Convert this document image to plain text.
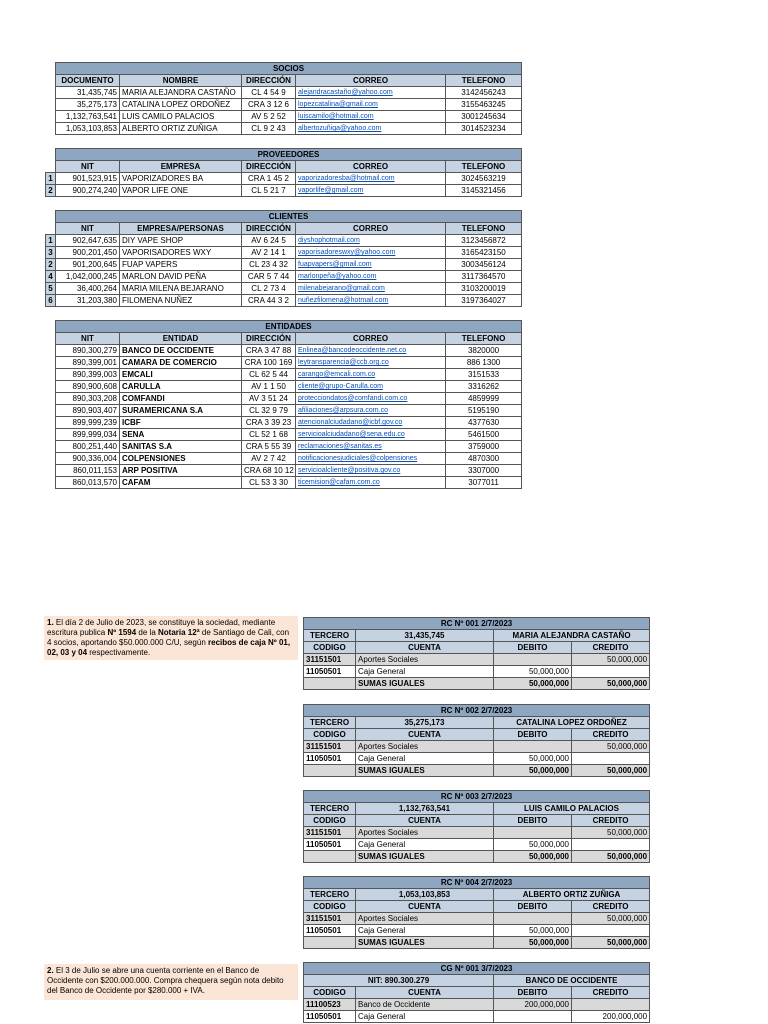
SOCIOS				
DOCUMENTO	NOMBRE	DIRECCIÓN	CORREO	TELEFONO
31,435,745	MARIA ALEJANDRA CASTAÑO	CL 4 54 9	alejandracastaño@yahoo.com	3142456243
35,275,173	CATALINA LOPEZ ORDOÑEZ	CRA 3 12 6	lopezcatalina@gmail.com	3155463245
1,132,763,541	LUIS CAMILO PALACIOS	AV 5 2 52	luiscamilo@hotmail.com	3001245634
1,053,103,853	ALBERTO ORTIZ ZUÑIGA	CL 9 2 43	albertozuñiga@yahoo.com	3014523234
	PROVEEDORES				
	NIT	EMPRESA	DIRECCIÓN	CORREO	TELEFONO
1	901,523,915	VAPORIZADORES BA	CRA 1 45 2	vaporizadoresba@hotmail.com	3024563219
2	900,274,240	VAPOR LIFE ONE	CL 5 21 7	vaporlife@gmail.com	3145321456
	CLIENTES				
	NIT	EMPRESA/PERSONAS	DIRECCIÓN	CORREO	TELEFONO
1	902,647,635	DIY VAPE SHOP	AV 6 24 5	diyshophotmail.com	3123456872
3	900,201,450	VAPORISADORES WXY	AV 2 14 1	vaporisadoreswxy@yahoo.com	3165423150
2	901,200,645	FUAP VAPERS	CL 23 4 32	fuapvapers@gmail.com	3003456124
4	1,042,000,245	MARLON DAVID PEÑA	CAR 5 7 44	marlonpeña@yahoo.com	3117364570
5	36,400,264	MARIA MILENA BEJARANO	CL 2 73 4	milenabejarano@gmail.com	3103200019
6	31,203,380	FILOMENA NUÑEZ	CRA 44 3 2	nuñezfilomena@hotmail.com	3197364027
ENTIDADES				
NIT	ENTIDAD	DIRECCIÓN	CORREO	TELEFONO
890,300,279	BANCO DE OCCIDENTE	CRA 3 47 88	Enlinea@bancodeoccidente.net.co	3820000
890,399,001	CAMARA DE COMERCIO	CRA 100 169	leytransparencia@ccb.org.co	886 1300
890,399,003	EMCALI	CL 62 5 44	carango@emcali.com.co	3151533
890,900,608	CARULLA	AV 1 1 50	cliente@grupo-Carulla.com	3316262
890,303,208	COMFANDI	AV 3 51 24	protecciondatos@comfandi.com.co	4859999
890,903,407	SURAMERICANA S.A	CL 32 9 79	afiliaciones@arpsura.com.co	5195190
899,999,239	ICBF	CRA 3 39 23	atencionalciudadano@icbf.gov.co	4377630
899,999,034	SENA	CL 52 1 68	servicioalciudadano@sena.edu.co	5461500
800,251,440	SANITAS S.A	CRA 5 55 39	reclamaciones@sanitas.es	3759000
900,336,004	COLPENSIONES	AV 2 7 42	notificacionesjudiciales@colpensiones	4870300
860,011,153	ARP POSITIVA	CRA 68 10 12	servicioalcliente@positiva.gov.co	3307000
860,013,570	CAFAM	CL 53 3 30	ticemision@cafam.com.co	3077011
1. El día 2 de Julio de 2023, se constituye la sociedad, mediante escritura publica Nº 1594 de la Notaria 12ª de Santiago de Cali, con 4 socios, aportando $50.000.000 C/U, según recibos de caja Nº 01, 02, 03 y 04 respectivamente.
2. El 3 de Julio se abre una cuenta corriente en el Banco de Occidente con $200.000.000. Compra chequera según nota debito del Banco de Occidente por $280.000 + IVA.
RC Nº 001 2/7/2023			
TERCERO	31,435,745	MARIA ALEJANDRA CASTAÑO	
CODIGO	CUENTA	DEBITO	CREDITO
31151501	Aportes Sociales		50,000,000
11050501	Caja General	50,000,000	
	SUMAS IGUALES	50,000,000	50,000,000
RC Nº 002 2/7/2023			
TERCERO	35,275,173	CATALINA LOPEZ ORDOÑEZ	
CODIGO	CUENTA	DEBITO	CREDITO
31151501	Aportes Sociales		50,000,000
11050501	Caja General	50,000,000	
	SUMAS IGUALES	50,000,000	50,000,000
RC Nº 003 2/7/2023			
TERCERO	1,132,763,541	LUIS CAMILO PALACIOS	
CODIGO	CUENTA	DEBITO	CREDITO
31151501	Aportes Sociales		50,000,000
11050501	Caja General	50,000,000	
	SUMAS IGUALES	50,000,000	50,000,000
RC Nº 004 2/7/2023			
TERCERO	1,053,103,853	ALBERTO ORTIZ ZUÑIGA	
CODIGO	CUENTA	DEBITO	CREDITO
31151501	Aportes Sociales		50,000,000
11050501	Caja General	50,000,000	
	SUMAS IGUALES	50,000,000	50,000,000
CG Nº 001 3/7/2023			
NIT: 890.300.279		BANCO DE OCCIDENTE	
CODIGO	CUENTA	DEBITO	CREDITO
11100523	Banco de Occidente	200,000,000	
11050501	Caja General		200,000,000
